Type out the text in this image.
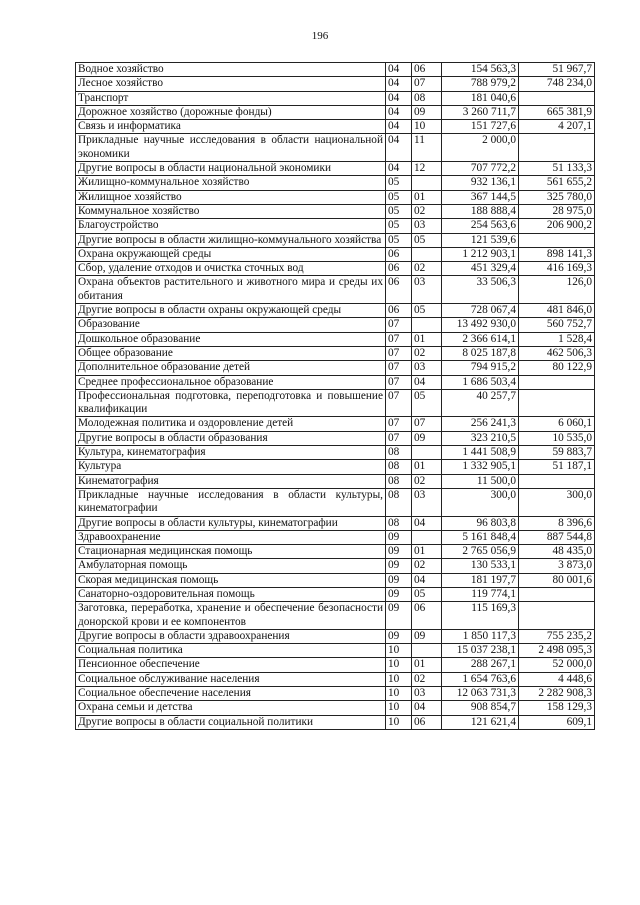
196
Водное хозяйство	04	06	154 563,3	51 967,7
Лесное хозяйство	04	07	788 979,2	748 234,0
Транспорт	04	08	181 040,6	
Дорожное хозяйство (дорожные фонды)	04	09	3 260 711,7	665 381,9
Связь и информатика	04	10	151 727,6	4 207,1
Прикладные научные исследования в области национальной экономики	04	11	2 000,0	
Другие вопросы в области национальной экономики	04	12	707 772,2	51 133,3
Жилищно-коммунальное хозяйство	05		932 136,1	561 655,2
Жилищное хозяйство	05	01	367 144,5	325 780,0
Коммунальное хозяйство	05	02	188 888,4	28 975,0
Благоустройство	05	03	254 563,6	206 900,2
Другие вопросы в области жилищно-коммунального хозяйства	05	05	121 539,6	
Охрана окружающей среды	06		1 212 903,1	898 141,3
Сбор, удаление отходов и очистка сточных вод	06	02	451 329,4	416 169,3
Охрана объектов растительного и животного мира и среды их обитания	06	03	33 506,3	126,0
Другие вопросы в области охраны окружающей среды	06	05	728 067,4	481 846,0
Образование	07		13 492 930,0	560 752,7
Дошкольное образование	07	01	2 366 614,1	1 528,4
Общее образование	07	02	8 025 187,8	462 506,3
Дополнительное образование детей	07	03	794 915,2	80 122,9
Среднее профессиональное образование	07	04	1 686 503,4	
Профессиональная подготовка, переподготовка и повышение квалификации	07	05	40 257,7	
Молодежная политика и оздоровление детей	07	07	256 241,3	6 060,1
Другие вопросы в области образования	07	09	323 210,5	10 535,0
Культура, кинематография	08		1 441 508,9	59 883,7
Культура	08	01	1 332 905,1	51 187,1
Кинематография	08	02	11 500,0	
Прикладные научные исследования в области культуры, кинематографии	08	03	300,0	300,0
Другие вопросы в области культуры, кинематографии	08	04	96 803,8	8 396,6
Здравоохранение	09		5 161 848,4	887 544,8
Стационарная медицинская помощь	09	01	2 765 056,9	48 435,0
Амбулаторная помощь	09	02	130 533,1	3 873,0
Скорая медицинская помощь	09	04	181 197,7	80 001,6
Санаторно-оздоровительная помощь	09	05	119 774,1	
Заготовка, переработка, хранение и обеспечение безопасности донорской крови и ее компонентов	09	06	115 169,3	
Другие вопросы в области здравоохранения	09	09	1 850 117,3	755 235,2
Социальная политика	10		15 037 238,1	2 498 095,3
Пенсионное обеспечение	10	01	288 267,1	52 000,0
Социальное обслуживание населения	10	02	1 654 763,6	4 448,6
Социальное обеспечение населения	10	03	12 063 731,3	2 282 908,3
Охрана семьи и детства	10	04	908 854,7	158 129,3
Другие вопросы в области социальной политики	10	06	121 621,4	609,1
